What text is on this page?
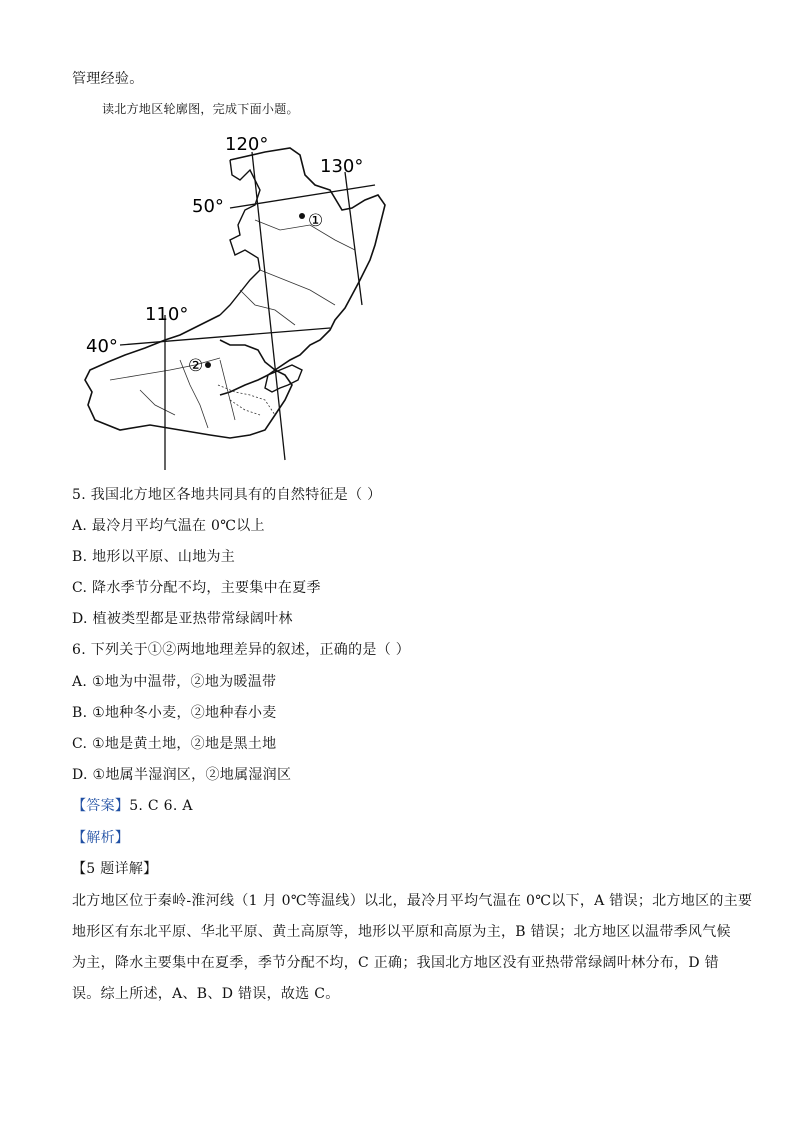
管理经验。
读北方地区轮廓图，完成下面小题。
120°
130°
50°
110°
40°
①
②
5. 我国北方地区各地共同具有的自然特征是（ ）
A. 最冷月平均气温在 0℃以上
B. 地形以平原、山地为主
C. 降水季节分配不均，主要集中在夏季
D. 植被类型都是亚热带常绿阔叶林
6. 下列关于①②两地地理差异的叙述，正确的是（ ）
A. ①地为中温带，②地为暖温带
B. ①地种冬小麦，②地种春小麦
C. ①地是黄土地，②地是黑土地
D. ①地属半湿润区，②地属湿润区
【答案】5. C 6. A
【解析】
【5 题详解】
北方地区位于秦岭-淮河线（1 月 0℃等温线）以北，最冷月平均气温在 0℃以下，A 错误；北方地区的主要
地形区有东北平原、华北平原、黄土高原等，地形以平原和高原为主，B 错误；北方地区以温带季风气候
为主，降水主要集中在夏季，季节分配不均，C 正确；我国北方地区没有亚热带常绿阔叶林分布，D 错
误。综上所述，A、B、D 错误，故选 C。
